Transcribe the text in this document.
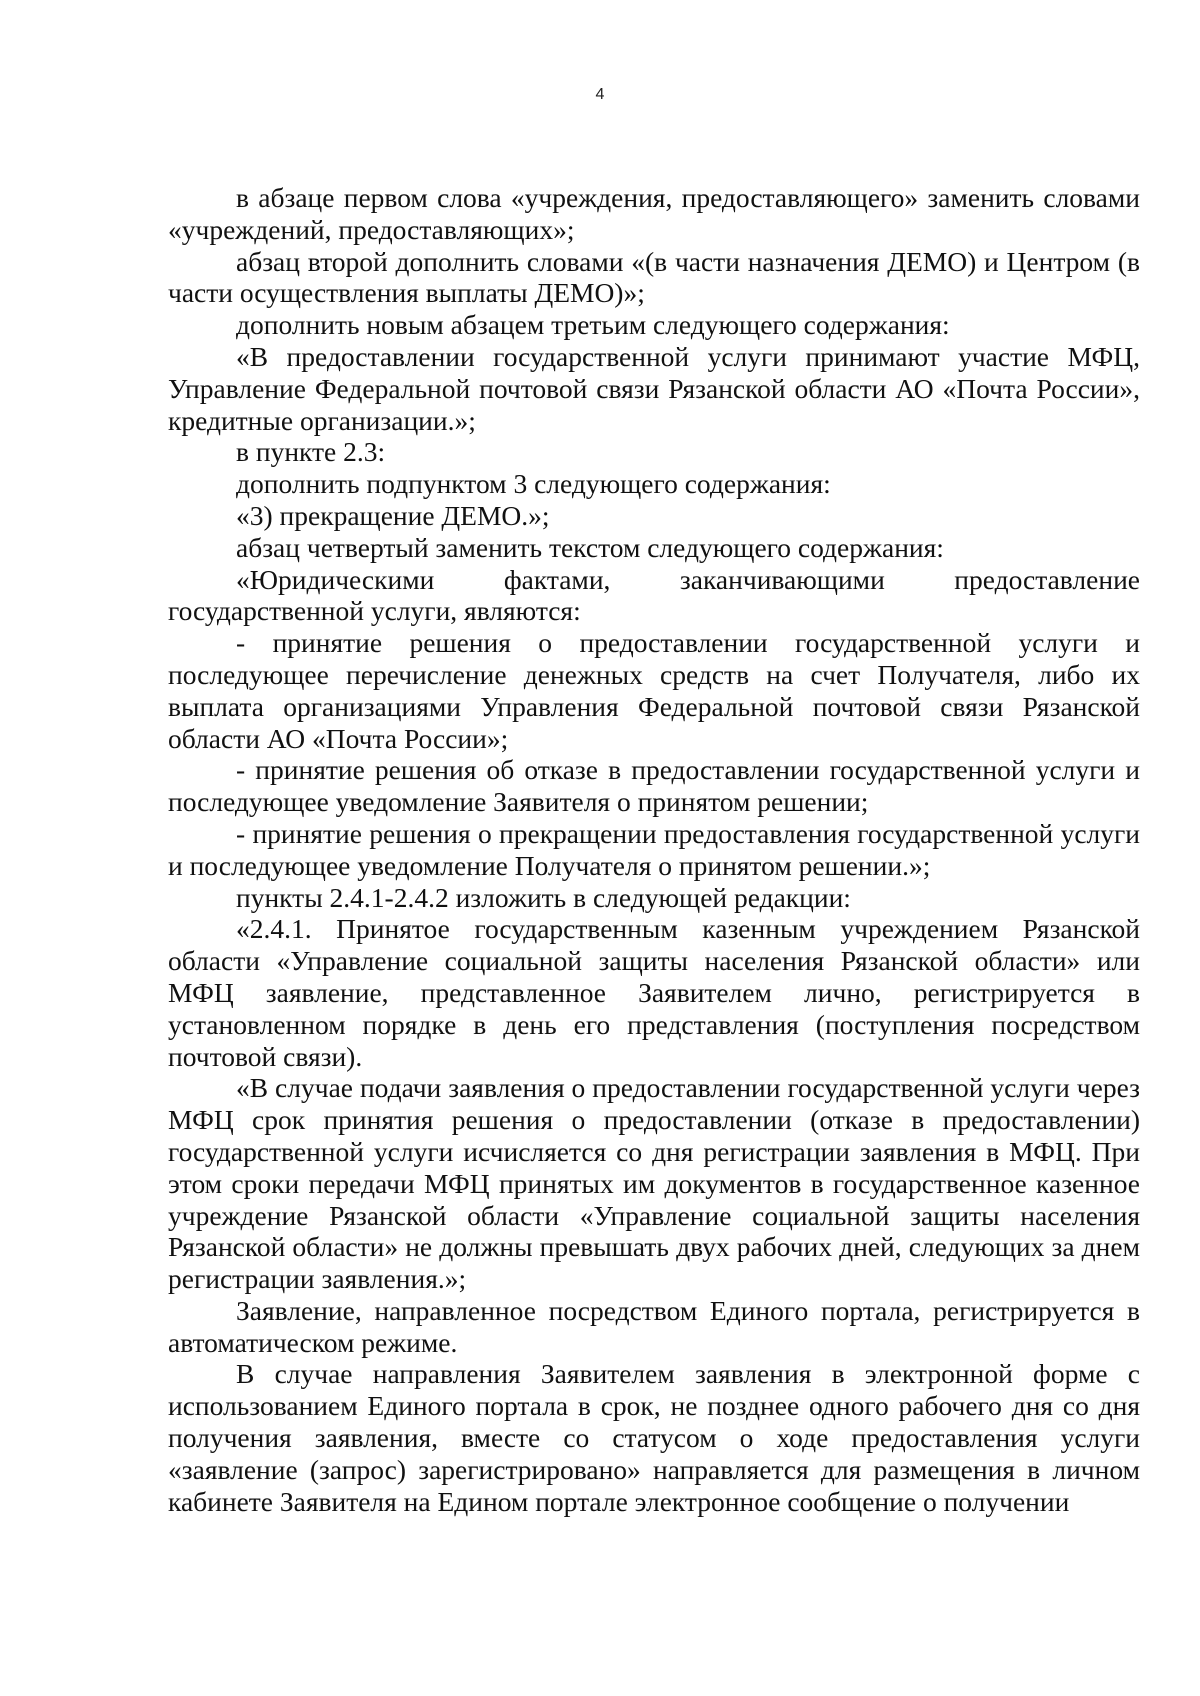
4

в абзаце первом слова «учреждения, предоставляющего» заменить словами «учреждений, предоставляющих»;

абзац второй дополнить словами «(в части назначения ДЕМО) и Центром (в части осуществления выплаты ДЕМО)»;

дополнить новым абзацем третьим следующего содержания:

«В предоставлении государственной услуги принимают участие МФЦ, Управление Федеральной почтовой связи Рязанской области АО «Почта России», кредитные организации.»;

в пункте 2.3:

дополнить подпунктом 3 следующего содержания:

«3) прекращение ДЕМО.»;

абзац четвертый заменить текстом следующего содержания:

«Юридическими фактами, заканчивающими предоставление государственной услуги, являются:

- принятие решения о предоставлении государственной услуги и последующее перечисление денежных средств на счет Получателя, либо их выплата организациями Управления Федеральной почтовой связи Рязанской области АО «Почта России»;

- принятие решения об отказе в предоставлении государственной услуги и последующее уведомление Заявителя о принятом решении;

- принятие решения о прекращении предоставления государственной услуги и последующее уведомление Получателя о принятом решении.»;

пункты 2.4.1-2.4.2 изложить в следующей редакции:

«2.4.1. Принятое государственным казенным учреждением Рязанской области «Управление социальной защиты населения Рязанской области» или МФЦ заявление, представленное Заявителем лично, регистрируется в установленном порядке в день его представления (поступления посредством почтовой связи).

«В случае подачи заявления о предоставлении государственной услуги через МФЦ срок принятия решения о предоставлении (отказе в предоставлении) государственной услуги исчисляется со дня регистрации заявления в МФЦ. При этом сроки передачи МФЦ принятых им документов в государственное казенное учреждение Рязанской области «Управление социальной защиты населения Рязанской области» не должны превышать двух рабочих дней, следующих за днем регистрации заявления.»;

Заявление, направленное посредством Единого портала, регистрируется в автоматическом режиме.

В случае направления Заявителем заявления в электронной форме с использованием Единого портала в срок, не позднее одного рабочего дня со дня получения заявления, вместе со статусом о ходе предоставления услуги «заявление (запрос) зарегистрировано» направляется для размещения в личном кабинете Заявителя на Едином портале электронное сообщение о получении
